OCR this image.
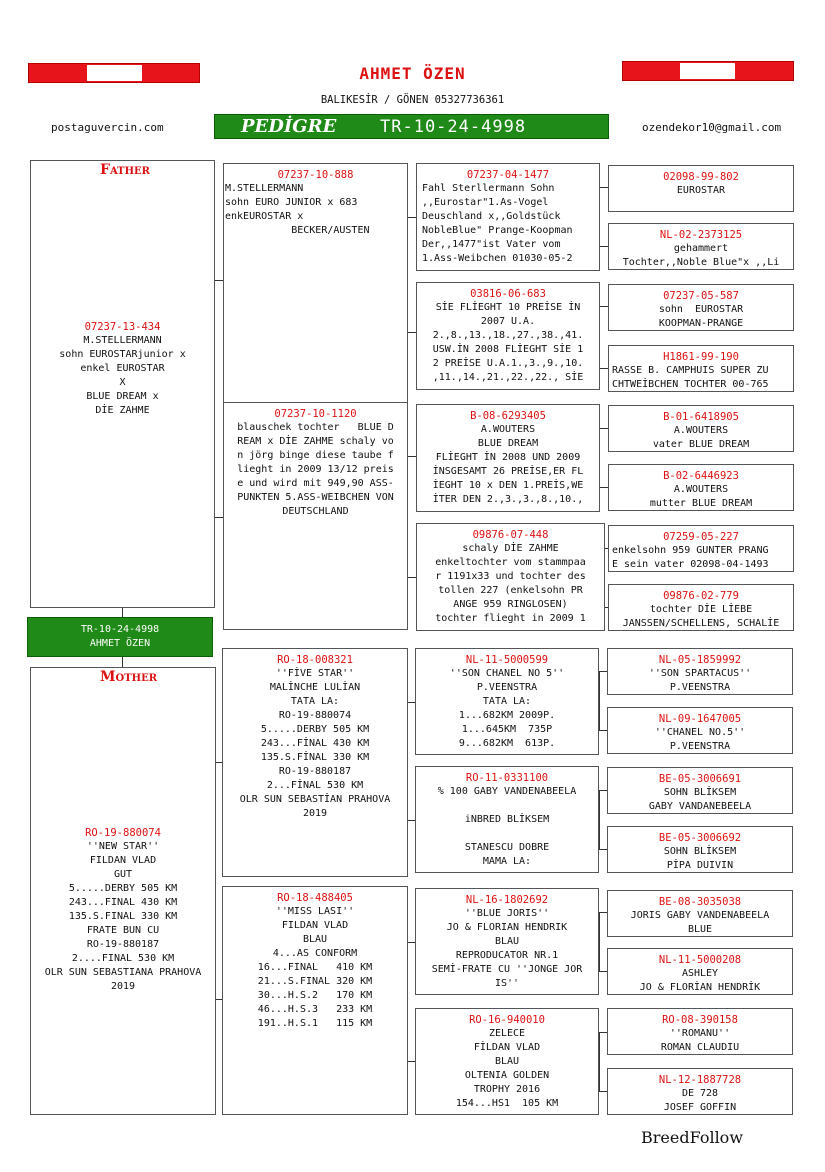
AHMET ÖZEN
BALIKESİR / GÖNEN 05327736361
postaguvercin.com	ozendekor10@gmail.com
PEDİGRE	TR-10-24-4998
07237-13-434
M.STELLERMANN
sohn EUROSTARjunior x
enkel EUROSTAR
X
BLUE DREAM x
DİE ZAHME
Father
TR-10-24-4998
AHMET ÖZEN
RO-19-880074
''NEW STAR''
FILDAN VLAD
GUT
5.....DERBY 505 KM
243...FINAL 430 KM
135.S.FINAL 330 KM
FRATE BUN CU
RO-19-880187
2....FINAL 530 KM
OLR SUN SEBASTIANA PRAHOVA
2019
Mother
07237-10-888
M.STELLERMANN
sohn EURO JUNIOR x 683
enkEUROSTAR x
BECKER/AUSTEN
07237-10-1120
blauschek tochter   BLUE D
REAM x DİE ZAHME schaly vo
n jörg binge diese taube f
lieght in 2009 13/12 preis
e und wird mit 949,90 ASS-
PUNKTEN 5.ASS-WEIBCHEN VON
DEUTSCHLAND
RO-18-008321
''FİVE STAR''
MALİNCHE LULİAN
TATA LA:
RO-19-880074
5.....DERBY 505 KM
243...FİNAL 430 KM
135.S.FİNAL 330 KM
RO-19-880187
2...FİNAL 530 KM
OLR SUN SEBASTİAN PRAHOVA
2019
RO-18-488405
''MISS LASI''
FILDAN VLAD
BLAU
4...AS CONFORM
16...FINAL   410 KM
21...S.FINAL 320 KM
30...H.S.2   170 KM
46...H.S.3   233 KM
191..H.S.1   115 KM
07237-04-1477
Fahl Sterllermann Sohn
,,Eurostar"1.As-Vogel
Deuschland x,,Goldstück
NobleBlue" Prange-Koopman
Der,,1477"ist Vater vom
1.Ass-Weibchen 01030-05-2
03816-06-683
SİE FLİEGHT 10 PREİSE İN
2007 U.A.
2.,8.,13.,18.,27.,38.,41.
USW.İN 2008 FLİEGHT SİE 1
2 PREİSE U.A.1.,3.,9.,10.
,11.,14.,21.,22.,22., SİE
B-08-6293405
A.WOUTERS
BLUE DREAM
FLİEGHT İN 2008 UND 2009
İNSGESAMT 26 PREİSE,ER FL
İEGHT 10 x DEN 1.PREİS,WE
İTER DEN 2.,3.,3.,8.,10.,
09876-07-448
schaly DİE ZAHME
enkeltochter vom stammpaa
r 1191x33 und tochter des
tollen 227 (enkelsohn PR
ANGE 959 RINGLOSEN)
tochter flieght in 2009 1
NL-11-5000599
''SON CHANEL NO 5''
P.VEENSTRA
TATA LA:
1...682KM 2009P.
1...645KM  735P
9...682KM  613P.
RO-11-0331100
% 100 GABY VANDENABEELA

iNBRED BLİKSEM

STANESCU DOBRE
MAMA LA:
NL-16-1802692
''BLUE JORIS''
JO & FLORIAN HENDRIK
BLAU
REPRODUCATOR NR.1
SEMİ-FRATE CU ''JONGE JOR
IS''
RO-16-940010
ZELECE
FİLDAN VLAD
BLAU
OLTENIA GOLDEN
TROPHY 2016
154...HS1  105 KM
02098-99-802
EUROSTAR
NL-02-2373125
gehammert
Tochter,,Noble Blue"x ,,Li
07237-05-587
sohn  EUROSTAR
KOOPMAN-PRANGE
H1861-99-190
RASSE B. CAMPHUIS SUPER ZU
CHTWEİBCHEN TOCHTER 00-765
B-01-6418905
A.WOUTERS
vater BLUE DREAM
B-02-6446923
A.WOUTERS
mutter BLUE DREAM
07259-05-227
enkelsohn 959 GUNTER PRANG
E sein vater 02098-04-1493
09876-02-779
tochter DİE LİEBE
JANSSEN/SCHELLENS, SCHALİE
NL-05-1859992
''SON SPARTACUS''
P.VEENSTRA
NL-09-1647005
''CHANEL NO.5''
P.VEENSTRA
BE-05-3006691
SOHN BLİKSEM
GABY VANDANEBEELA
BE-05-3006692
SOHN BLİKSEM
PİPA DUIVIN
BE-08-3035038
JORIS GABY VANDENABEELA
BLUE
NL-11-5000208
ASHLEY
JO & FLORİAN HENDRİK
RO-08-390158
''ROMANU''
ROMAN CLAUDIU
NL-12-1887728
DE 728
JOSEF GOFFIN
BreedFollow
